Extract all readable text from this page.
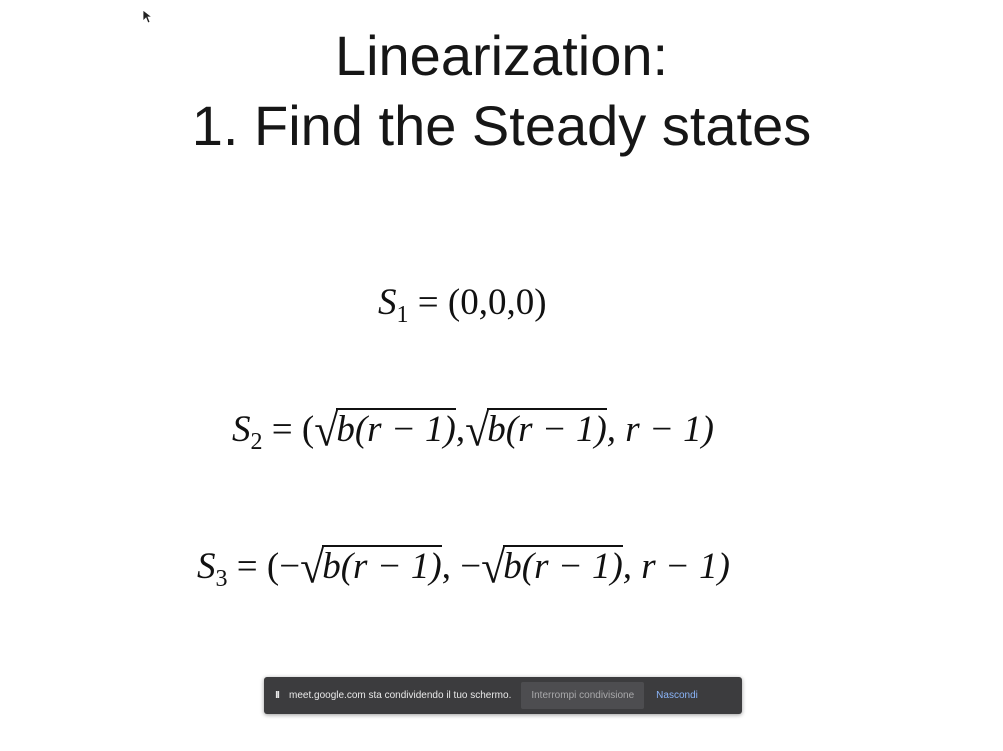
Linearization:
1. Find the Steady states
$S_1 = (0,0,0)$
$S_2 = (√b(r - 1),√b(r - 1)$, r − 1)
$S_3 = (-√b(r - 1)$, −√b(r − 1), r − 1)
II	meet.google.com sta condividendo il tuo schermo.	Interrompi condivisione	Nascondi
